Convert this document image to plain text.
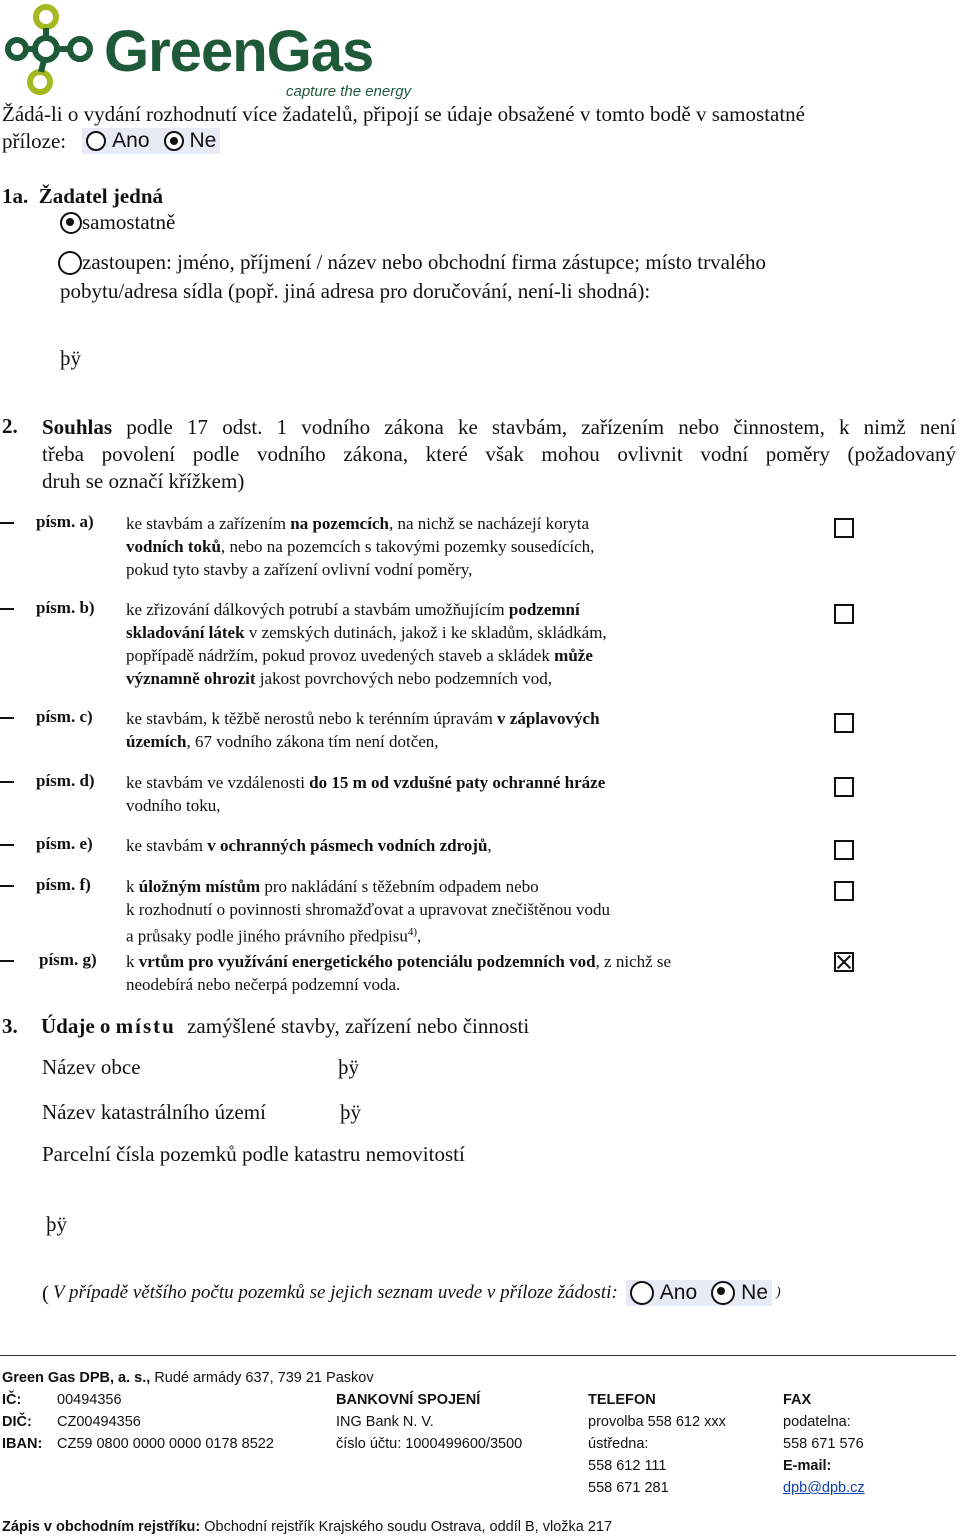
GreenGas
capture the energy
Žádá-li o vydání rozhodnutí více žadatelů, připojí se údaje obsažené v tomto bodě v samostatné
příloze: Ano Ne
1a. Žadatel jedná
samostatně
zastoupen: jméno, příjmení / název nebo obchodní firma zástupce; místo trvalého
pobytu/adresa sídla (popř. jiná adresa pro doručování, není-li shodná):
þÿ
2. Souhlas podle 17 odst. 1 vodního zákona ke stavbám, zařízením nebo činnostem, k nimž není
třeba povolení podle vodního zákona, které však mohou ovlivnit vodní poměry (požadovaný
druh se označí křížkem)
písm. a) ke stavbám a zařízením na pozemcích, na nichž se nacházejí koryta
vodních toků, nebo na pozemcích s takovými pozemky sousedících,
pokud tyto stavby a zařízení ovlivní vodní poměry,
písm. b) ke zřizování dálkových potrubí a stavbám umožňujícím podzemní
skladování látek v zemských dutinách, jakož i ke skladům, skládkám,
popřípadě nádržím, pokud provoz uvedených staveb a skládek může
významně ohrozit jakost povrchových nebo podzemních vod,
písm. c) ke stavbám, k těžbě nerostů nebo k terénním úpravám v záplavových
územích, 67 vodního zákona tím není dotčen,
písm. d) ke stavbám ve vzdálenosti do 15 m od vzdušné paty ochranné hráze
vodního toku,
písm. e) ke stavbám v ochranných pásmech vodních zdrojů,
písm. f) k úložným místům pro nakládání s těžebním odpadem nebo
k rozhodnutí o povinnosti shromažďovat a upravovat znečištěnou vodu
a průsaky podle jiného právního předpisu$^{4)}$,
písm. g) k vrtům pro využívání energetického potenciálu podzemních vod, z nichž se
neodebírá nebo nečerpá podzemní voda.
3. Údaje o místu zamýšlené stavby, zařízení nebo činnosti
Název obce	þÿ
Název katastrálního území	þÿ
Parcelní čísla pozemků podle katastru nemovitostí
þÿ
( V případě většího počtu pozemků se jejich seznam uvede v příloze žádosti: Ano Ne )
Green Gas DPB, a. s., Rudé armády 637, 739 21 Paskov
IČ: 00494356
DIČ: CZ00494356
IBAN: CZ59 0800 0000 0000 0178 8522
BANKOVNÍ SPOJENÍ
ING Bank N. V.
číslo účtu: 1000499600/3500
TELEFON
provolba 558 612 xxx
ústředna:
558 612 111
558 671 281
FAX
podatelna:
558 671 576
E-mail:
dpb@dpb.cz
Zápis v obchodním rejstříku: Obchodní rejstřík Krajského soudu Ostrava, oddíl B, vložka 217
